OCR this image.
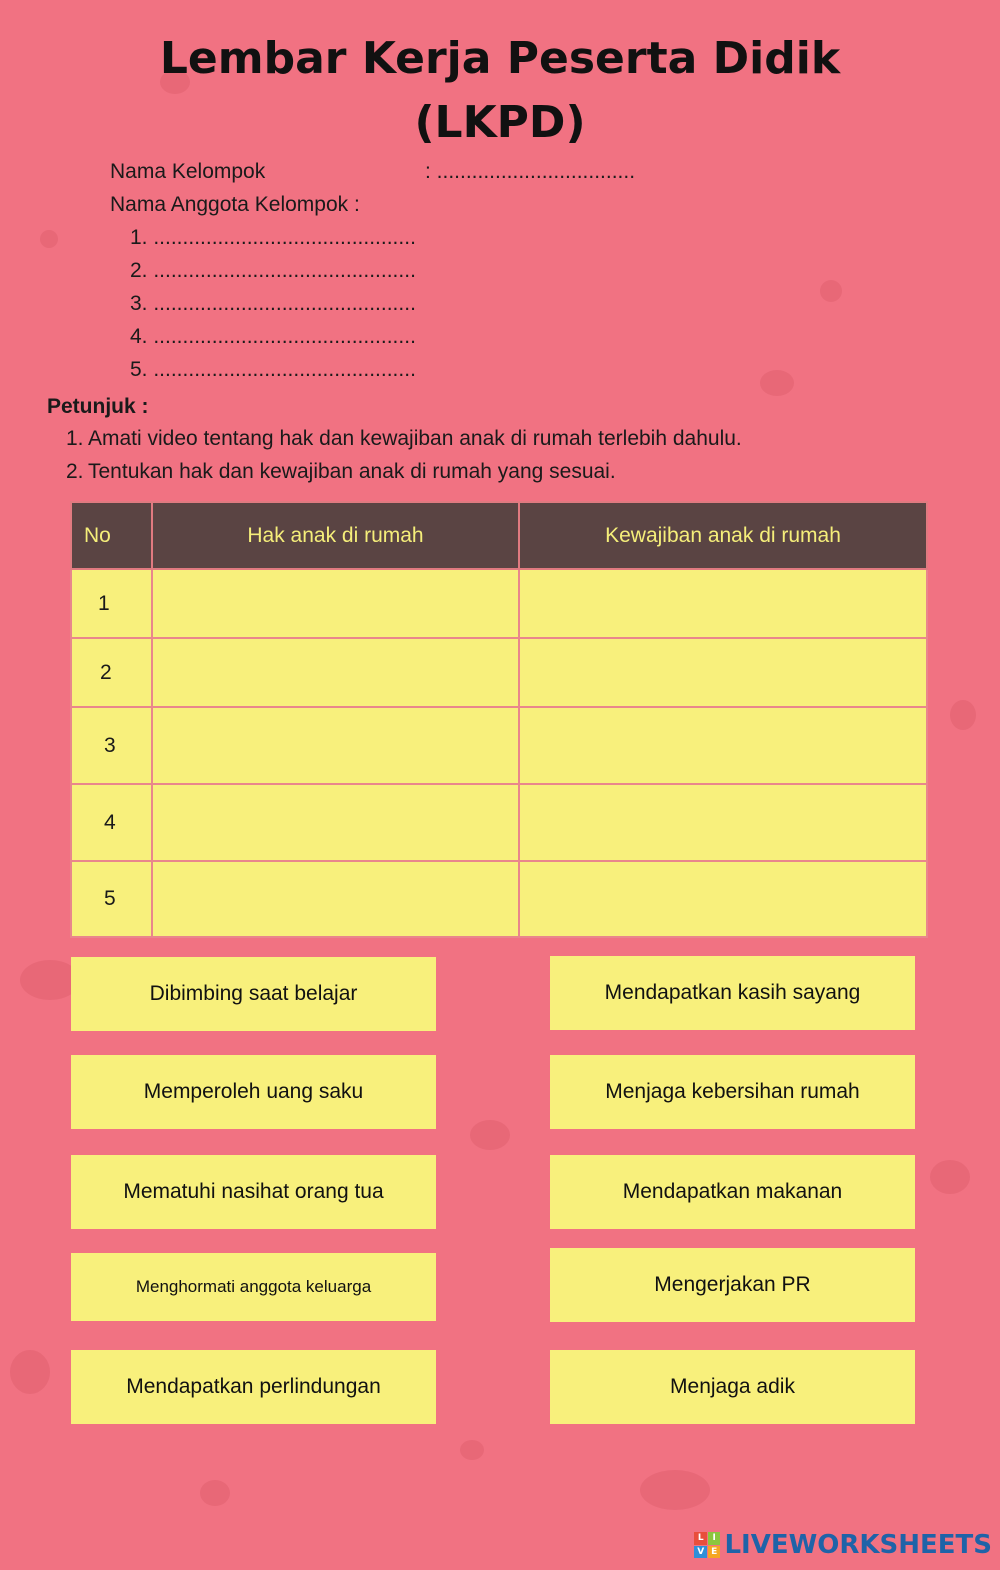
Lembar Kerja Peserta Didik
(LKPD)
Nama Kelompok	: ..................................
Nama Anggota Kelompok :
1. .............................................
2. .............................................
3. .............................................
4. .............................................
5. .............................................
Petunjuk :
1. Amati video tentang hak dan kewajiban anak di rumah terlebih dahulu.
2. Tentukan hak dan kewajiban anak di rumah yang sesuai.
No	Hak anak di rumah	Kewajiban anak di rumah
1		
2		
3		
4		
5		
Dibimbing saat belajar
Memperoleh uang saku
Mematuhi nasihat orang tua
Menghormati anggota keluarga
Mendapatkan perlindungan
Mendapatkan kasih sayang
Menjaga kebersihan rumah
Mendapatkan makanan
Mengerjakan PR
Menjaga adik
L I
V E LIVEWORKSHEETS
